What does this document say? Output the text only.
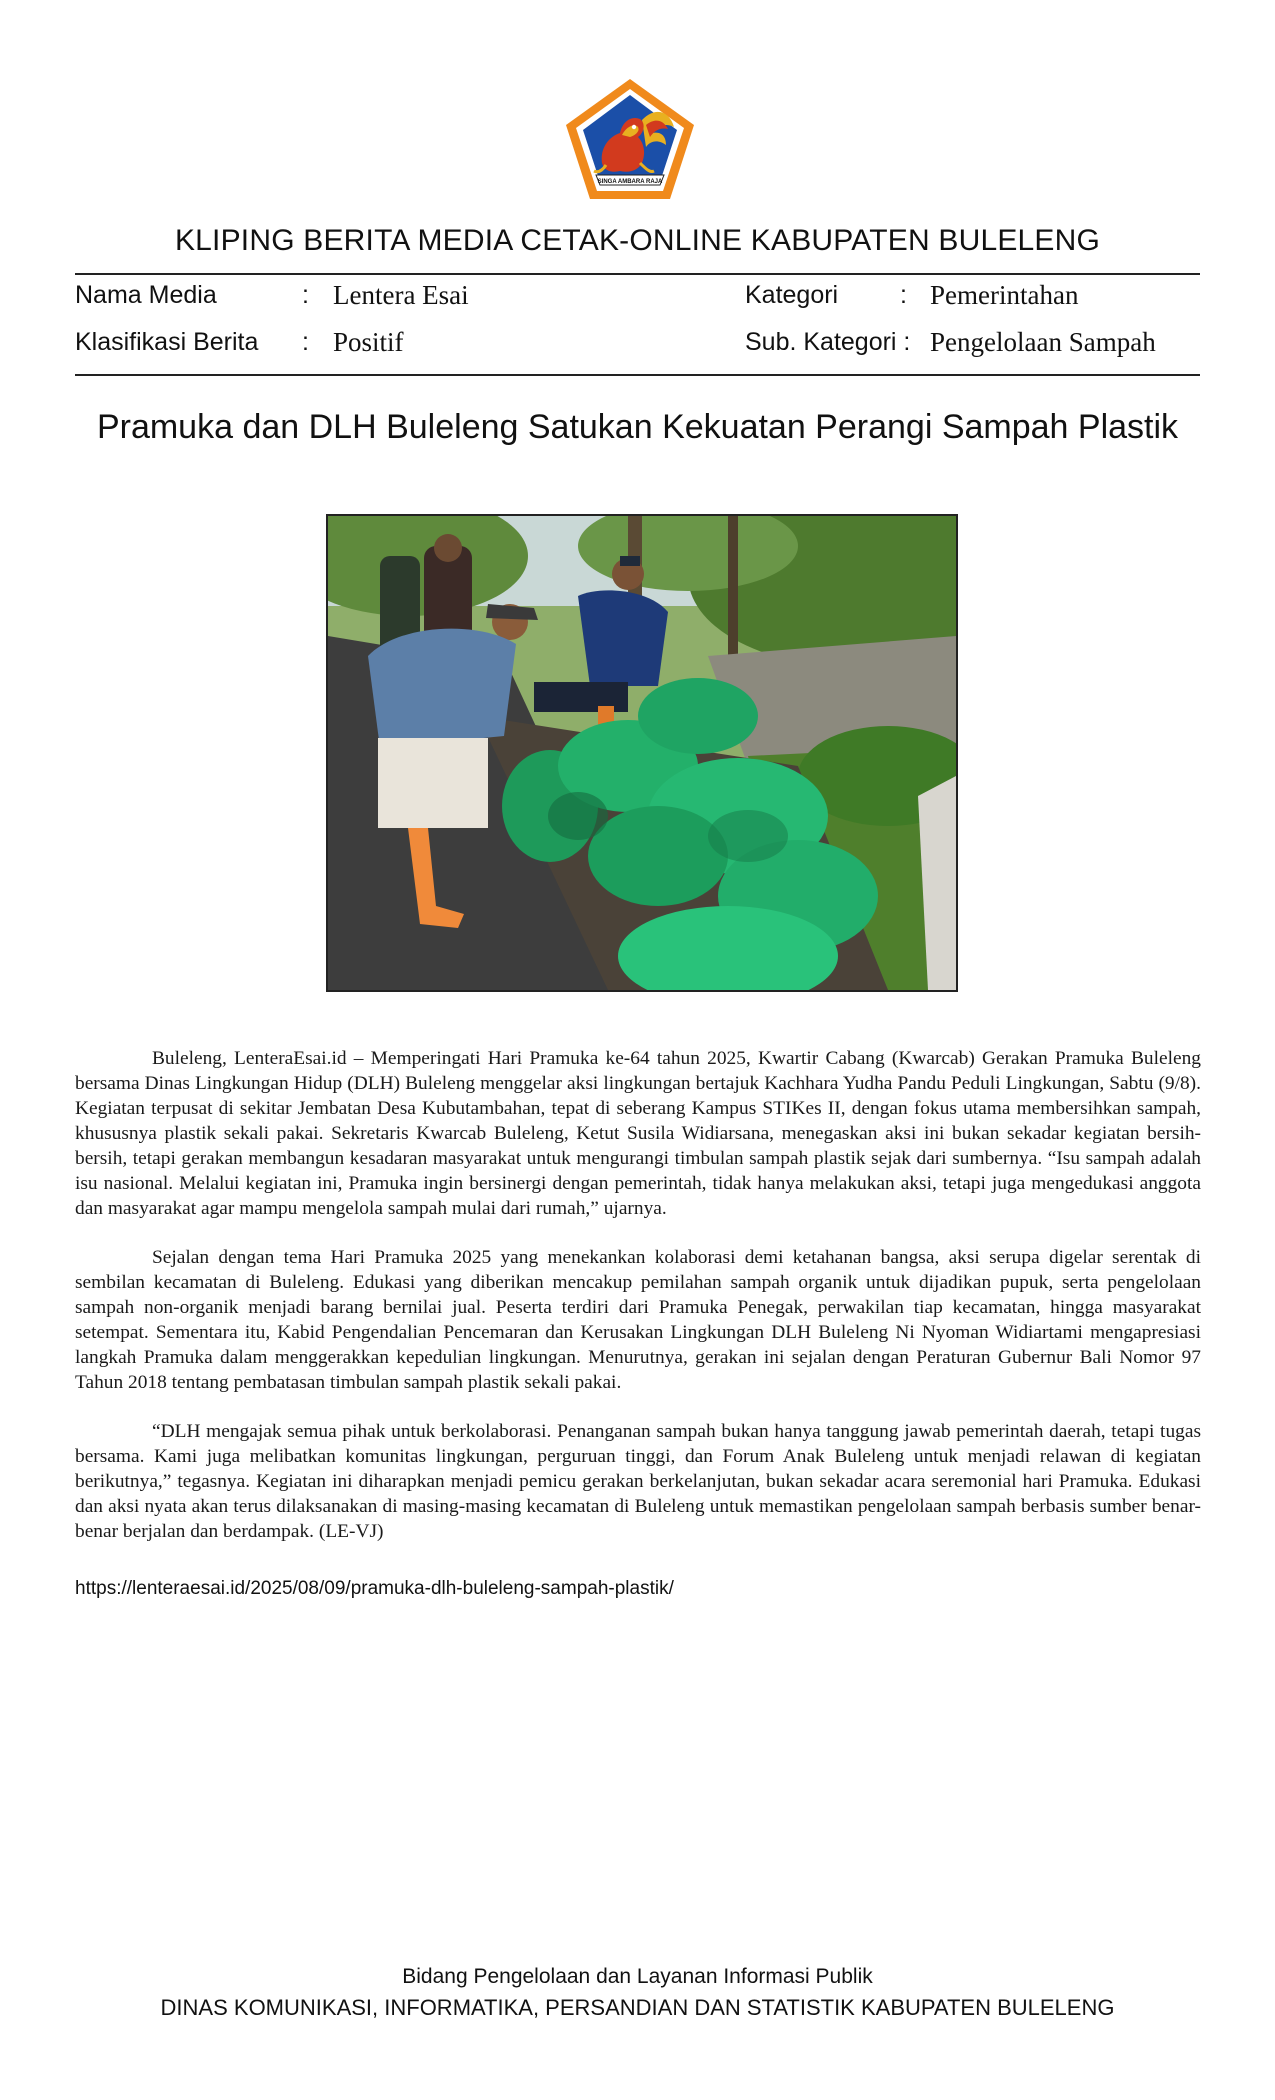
SINGA AMBARA RAJA
KLIPING BERITA MEDIA CETAK-ONLINE KABUPATEN BULELENG
Nama Media	: Lentera Esai	Kategori : Pemerintahan
Klasifikasi Berita : Positif	Sub. Kategori : Pengelolaan Sampah
Pramuka dan DLH Buleleng Satukan Kekuatan Perangi Sampah Plastik

Buleleng, LenteraEsai.id – Memperingati Hari Pramuka ke-64 tahun 2025, Kwartir Cabang (Kwarcab) Gerakan Pramuka Buleleng bersama Dinas Lingkungan Hidup (DLH) Buleleng menggelar aksi lingkungan bertajuk Kachhara Yudha Pandu Peduli Lingkungan, Sabtu (9/8). Kegiatan terpusat di sekitar Jembatan Desa Kubutambahan, tepat di seberang Kampus STIKes II, dengan fokus utama membersihkan sampah, khususnya plastik sekali pakai. Sekretaris Kwarcab Buleleng, Ketut Susila Widiarsana, menegaskan aksi ini bukan sekadar kegiatan bersih-bersih, tetapi gerakan membangun kesadaran masyarakat untuk mengurangi timbulan sampah plastik sejak dari sumbernya. “Isu sampah adalah isu nasional. Melalui kegiatan ini, Pramuka ingin bersinergi dengan pemerintah, tidak hanya melakukan aksi, tetapi juga mengedukasi anggota dan masyarakat agar mampu mengelola sampah mulai dari rumah,” ujarnya.

Sejalan dengan tema Hari Pramuka 2025 yang menekankan kolaborasi demi ketahanan bangsa, aksi serupa digelar serentak di sembilan kecamatan di Buleleng. Edukasi yang diberikan mencakup pemilahan sampah organik untuk dijadikan pupuk, serta pengelolaan sampah non-organik menjadi barang bernilai jual. Peserta terdiri dari Pramuka Penegak, perwakilan tiap kecamatan, hingga masyarakat setempat. Sementara itu, Kabid Pengendalian Pencemaran dan Kerusakan Lingkungan DLH Buleleng Ni Nyoman Widiartami mengapresiasi langkah Pramuka dalam menggerakkan kepedulian lingkungan. Menurutnya, gerakan ini sejalan dengan Peraturan Gubernur Bali Nomor 97 Tahun 2018 tentang pembatasan timbulan sampah plastik sekali pakai.

“DLH mengajak semua pihak untuk berkolaborasi. Penanganan sampah bukan hanya tanggung jawab pemerintah daerah, tetapi tugas bersama. Kami juga melibatkan komunitas lingkungan, perguruan tinggi, dan Forum Anak Buleleng untuk menjadi relawan di kegiatan berikutnya,” tegasnya. Kegiatan ini diharapkan menjadi pemicu gerakan berkelanjutan, bukan sekadar acara seremonial hari Pramuka. Edukasi dan aksi nyata akan terus dilaksanakan di masing-masing kecamatan di Buleleng untuk memastikan pengelolaan sampah berbasis sumber benar-benar berjalan dan berdampak. (LE-VJ)

https://lenteraesai.id/2025/08/09/pramuka-dlh-buleleng-sampah-plastik/
Bidang Pengelolaan dan Layanan Informasi Publik
DINAS KOMUNIKASI, INFORMATIKA, PERSANDIAN DAN STATISTIK KABUPATEN BULELENG
